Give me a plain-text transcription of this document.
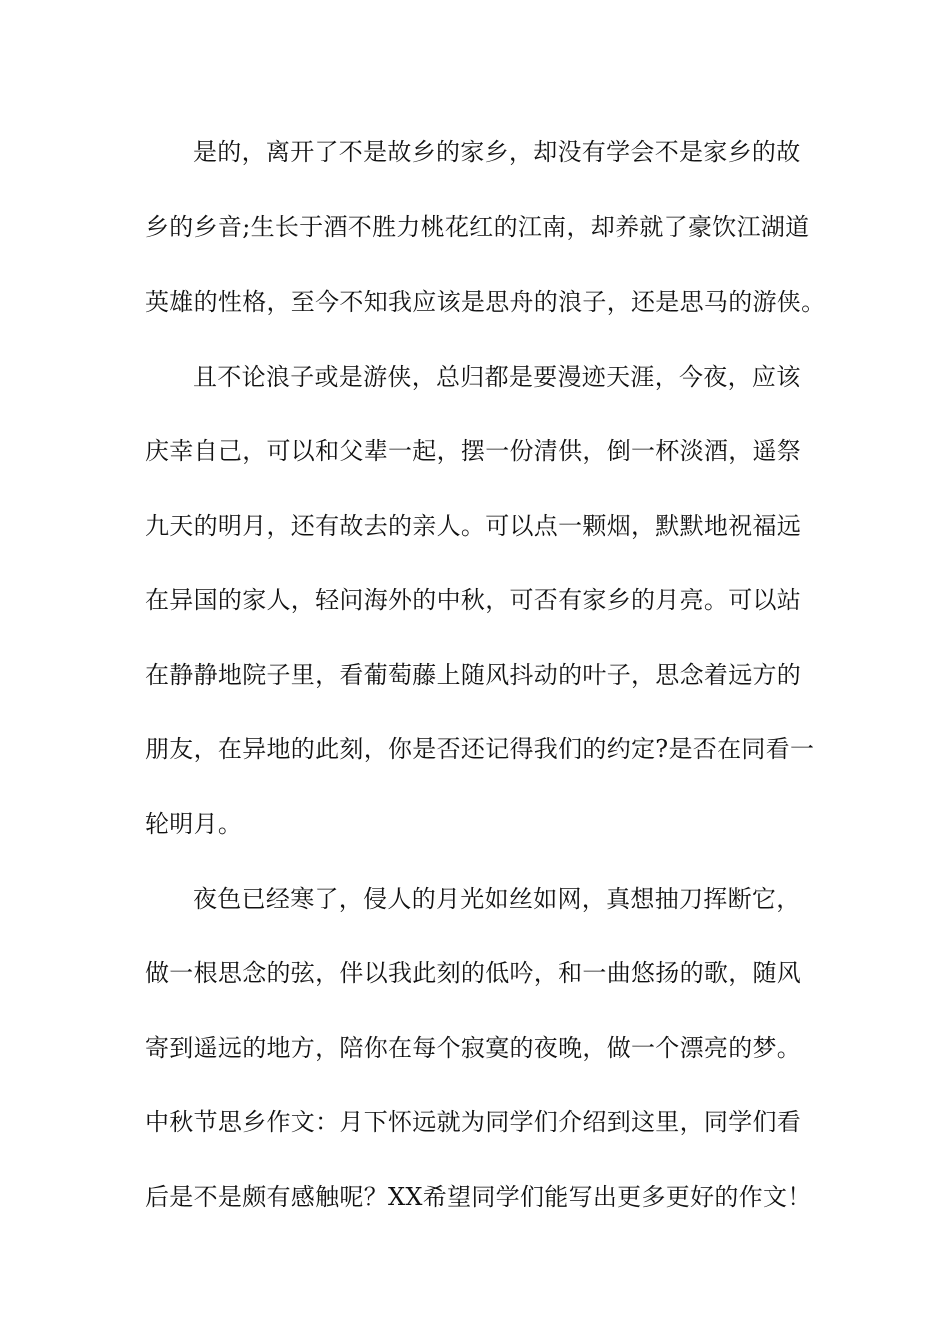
是的，离开了不是故乡的家乡，却没有学会不是家乡的故
乡的乡音;生长于酒不胜力桃花红的江南，却养就了豪饮江湖道
英雄的性格，至今不知我应该是思舟的浪子，还是思马的游侠。
且不论浪子或是游侠，总归都是要漫迹天涯，今夜，应该
庆幸自己，可以和父辈一起，摆一份清供，倒一杯淡酒，遥祭
九天的明月，还有故去的亲人。可以点一颗烟，默默地祝福远
在异国的家人，轻问海外的中秋，可否有家乡的月亮。可以站
在静静地院子里，看葡萄藤上随风抖动的叶子，思念着远方的
朋友，在异地的此刻，你是否还记得我们的约定?是否在同看一
轮明月。
夜色已经寒了，侵人的月光如丝如网，真想抽刀挥断它，
做一根思念的弦，伴以我此刻的低吟，和一曲悠扬的歌，随风
寄到遥远的地方，陪你在每个寂寞的夜晚，做一个漂亮的梦。
中秋节思乡作文：月下怀远就为同学们介绍到这里，同学们看
后是不是颇有感触呢？XX希望同学们能写出更多更好的作文！
